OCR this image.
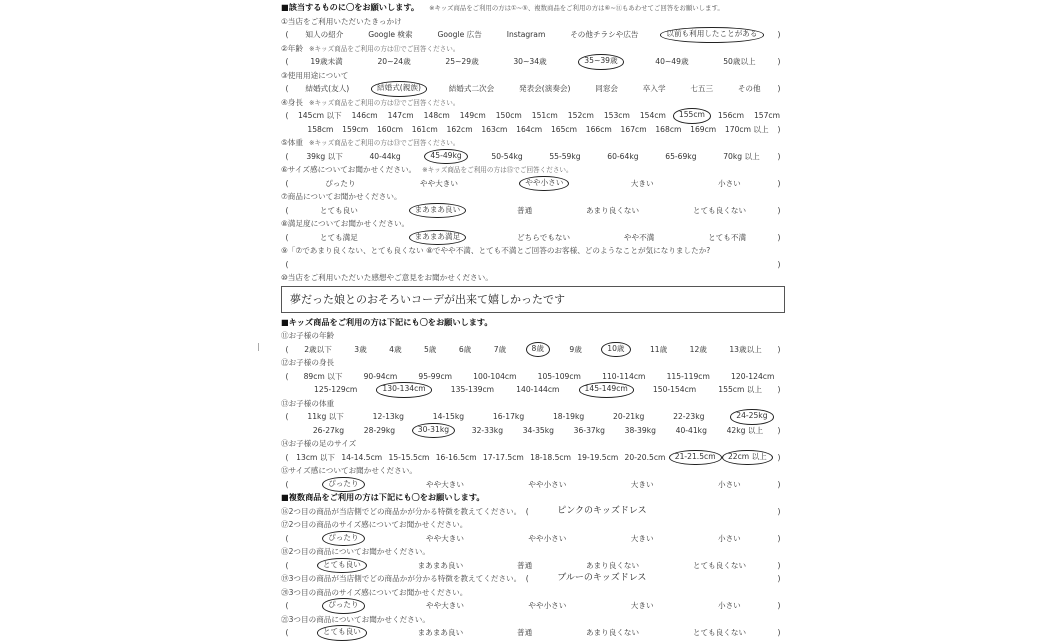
■該当するものに〇をお願いします。 ※キッズ商品をご利用の方は①~⑤、複数商品をご利用の方は⑥~⑪もあわせてご回答をお願いします。
①当店をご利用いただいたきっかけ
(	知人の紹介	Google 検索	Google 広告	Instagram	その他チラシや広告	以前も利用したことがある	)
②年齢 ※キッズ商品をご利用の方は⑪でご回答ください。
(	19歳未満	20~24歳	25~29歳	30~34歳	35~39歳	40~49歳	50歳以上	)
③使用用途について
(	結婚式(友人)	結婚式(親族)	結婚式二次会	発表会(演奏会)	同窓会	卒入学	七五三	その他	)
④身長 ※キッズ商品をご利用の方は⑫でご回答ください。
(	145cm 以下	146cm	147cm	148cm	149cm	150cm	151cm	152cm	153cm	154cm	155cm	156cm	157cm
158cm	159cm	160cm	161cm	162cm	163cm	164cm	165cm	166cm	167cm	168cm	169cm	170cm 以上	)
⑤体重 ※キッズ商品をご利用の方は⑬でご回答ください。
(	39kg 以下	40-44kg	45-49kg	50-54kg	55-59kg	60-64kg	65-69kg	70kg 以上	)
⑥サイズ感についてお聞かせください。 ※キッズ商品をご利用の方は⑮でご回答ください。
(	ぴったり	やや大きい	やや小さい	大きい	小さい	)
⑦商品についてお聞かせください。
(	とても良い	まあまあ良い	普通	あまり良くない	とても良くない	)
⑧満足度についてお聞かせください。
(	とても満足	まあまあ満足	どちらでもない	やや不満	とても不満	)
⑨「⑦であまり良くない、とても良くない ⑧でやや不満、とても不満とご回答のお客様、どのようなことが気になりましたか?
(	)
⑩当店をご利用いただいた感想やご意見をお聞かせください。
夢だった娘とのおそろいコーデが出来て嬉しかったです
■キッズ商品をご利用の方は下記にも〇をお願いします。
⑪お子様の年齢
(	2歳以下	3歳	4歳	5歳	6歳	7歳	8歳	9歳	10歳	11歳	12歳	13歳以上	)
⑫お子様の身長
(	89cm 以下	90-94cm	95-99cm	100-104cm	105-109cm	110-114cm	115-119cm	120-124cm
125-129cm	130-134cm	135-139cm	140-144cm	145-149cm	150-154cm	155cm 以上	)
⑬お子様の体重
(	11kg 以下	12-13kg	14-15kg	16-17kg	18-19kg	20-21kg	22-23kg	24-25kg
26-27kg	28-29kg	30-31kg	32-33kg	34-35kg	36-37kg	38-39kg	40-41kg	42kg 以上	)
⑭お子様の足のサイズ
(	13cm 以下 14-14.5cm 15-15.5cm 16-16.5cm 17-17.5cm 18-18.5cm 19-19.5cm 20-20.5cm	21-21.5cm	22cm 以上	)
⑮サイズ感についてお聞かせください。
(	ぴったり	やや大きい	やや小さい	大きい	小さい	)
■複数商品をご利用の方は下記にも〇をお願いします。
⑯2つ目の商品が当店側でどの商品かが分かる特徴を教えてください。 (	ピンクのキッズドレス	)
⑰2つ目の商品のサイズ感についてお聞かせください。
(	ぴったり	やや大きい	やや小さい	大きい	小さい	)
⑱2つ目の商品についてお聞かせください。
(	とても良い	まあまあ良い	普通	あまり良くない	とても良くない	)
⑲3つ目の商品が当店側でどの商品かが分かる特徴を教えてください。 (	ブルーのキッズドレス	)
⑳3つ目の商品のサイズ感についてお聞かせください。
(	ぴったり	やや大きい	やや小さい	大きい	小さい	)
㉑3つ目の商品についてお聞かせください。
(	とても良い	まあまあ良い	普通	あまり良くない	とても良くない	)
